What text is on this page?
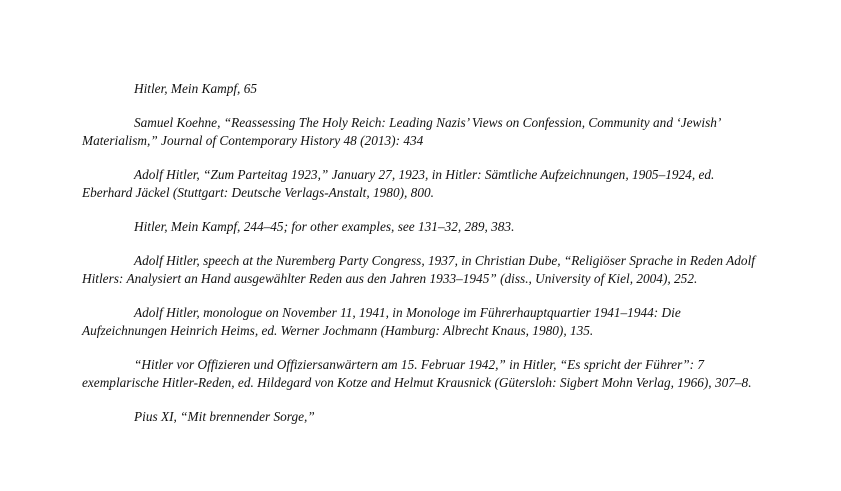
Hitler, Mein Kampf, 65

Samuel Koehne, “Reassessing The Holy Reich: Leading Nazis’ Views on Confession, Community and ‘Jewish’ Materialism,” Journal of Contemporary History 48 (2013): 434

Adolf Hitler, “Zum Parteitag 1923,” January 27, 1923, in Hitler: Sämtliche Aufzeichnungen, 1905–1924, ed. Eberhard Jäckel (Stuttgart: Deutsche Verlags-Anstalt, 1980), 800.

Hitler, Mein Kampf, 244–45; for other examples, see 131–32, 289, 383.

Adolf Hitler, speech at the Nuremberg Party Congress, 1937, in Christian Dube, “Religiöser Sprache in Reden Adolf Hitlers: Analysiert an Hand ausgewählter Reden aus den Jahren 1933–1945” (diss., University of Kiel, 2004), 252.

Adolf Hitler, monologue on November 11, 1941, in Monologe im Führerhauptquartier 1941–1944: Die Aufzeichnungen Heinrich Heims, ed. Werner Jochmann (Hamburg: Albrecht Knaus, 1980), 135.

“Hitler vor Offizieren und Offiziersanwärtern am 15. Februar 1942,” in Hitler, “Es spricht der Führer”: 7 exemplarische Hitler-Reden, ed. Hildegard von Kotze and Helmut Krausnick (Gütersloh: Sigbert Mohn Verlag, 1966), 307–8.

Pius XI, “Mit brennender Sorge,”
